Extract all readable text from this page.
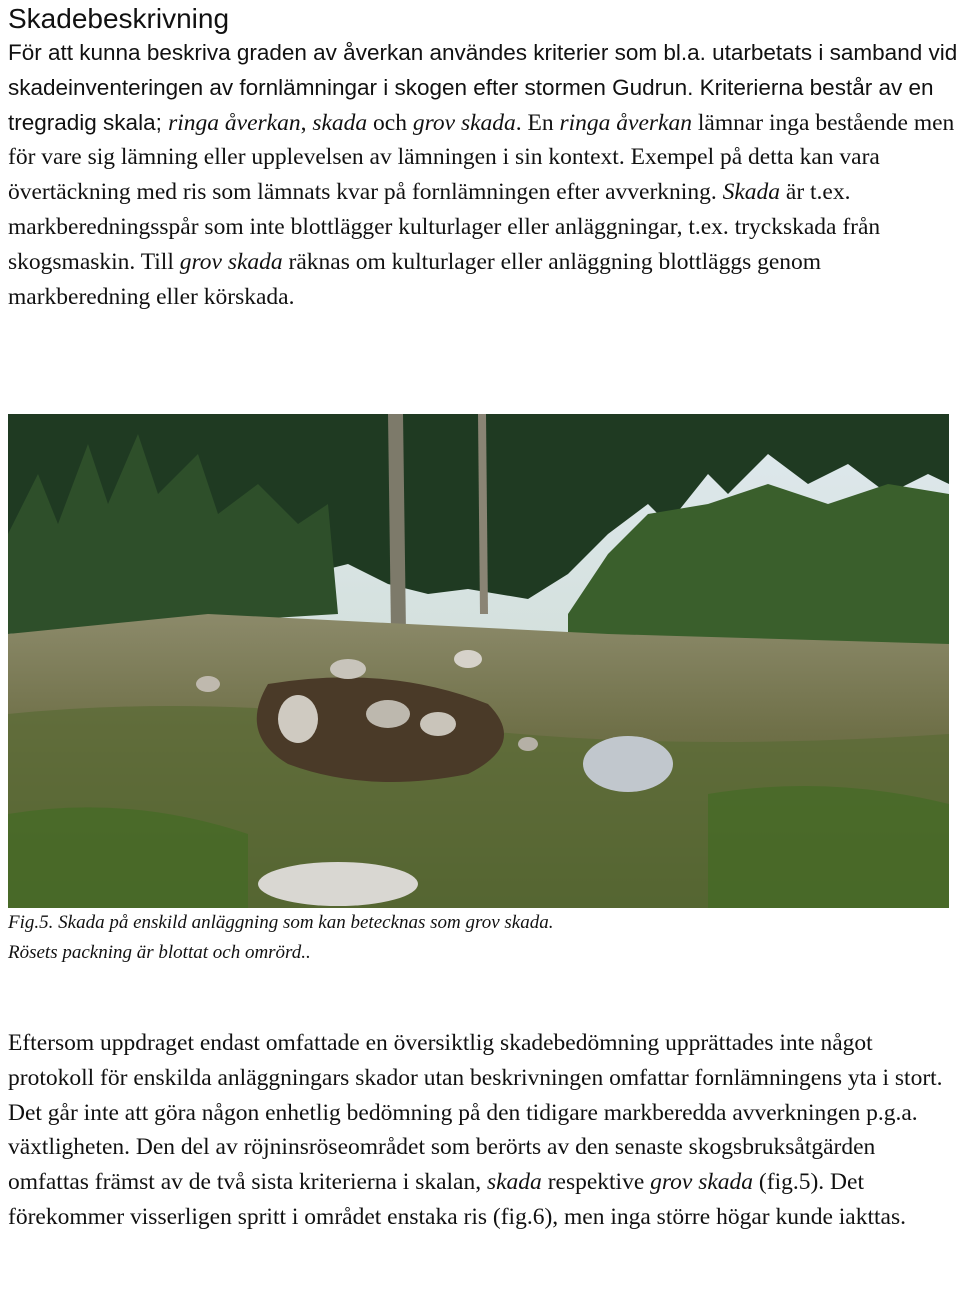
Skadebeskrivning

För att kunna beskriva graden av åverkan användes kriterier som bl.a. utarbetats i samband vid skadeinventeringen av fornlämningar i skogen efter stormen Gudrun. Kriterierna består av en tregradig skala; ringa åverkan, skada och grov skada. En ringa åverkan lämnar inga bestående men för vare sig lämning eller upplevelsen av lämningen i sin kontext. Exempel på detta kan vara övertäckning med ris som lämnats kvar på fornlämningen efter avverkning. Skada är t.ex. markberedningsspår som inte blottlägger kulturlager eller anläggningar, t.ex. tryckskada från skogsmaskin. Till grov skada räknas om kulturlager eller anläggning blottläggs genom markberedning eller körskada.

Fig.5. Skada på enskild anläggning som kan betecknas som grov skada.
Rösets packning är blottat och omrörd..

Eftersom uppdraget endast omfattade en översiktlig skadebedömning upprättades inte något protokoll för enskilda anläggningars skador utan beskrivningen omfattar fornlämningens yta i stort. Det går inte att göra någon enhetlig bedömning på den tidigare markberedda avverkningen p.g.a. växtligheten. Den del av röjninsröseområdet som berörts av den senaste skogsbruksåtgärden omfattas främst av de två sista kriterierna i skalan, skada respektive grov skada (fig.5). Det förekommer visserligen spritt i området enstaka ris (fig.6), men inga större högar kunde iakttas.
